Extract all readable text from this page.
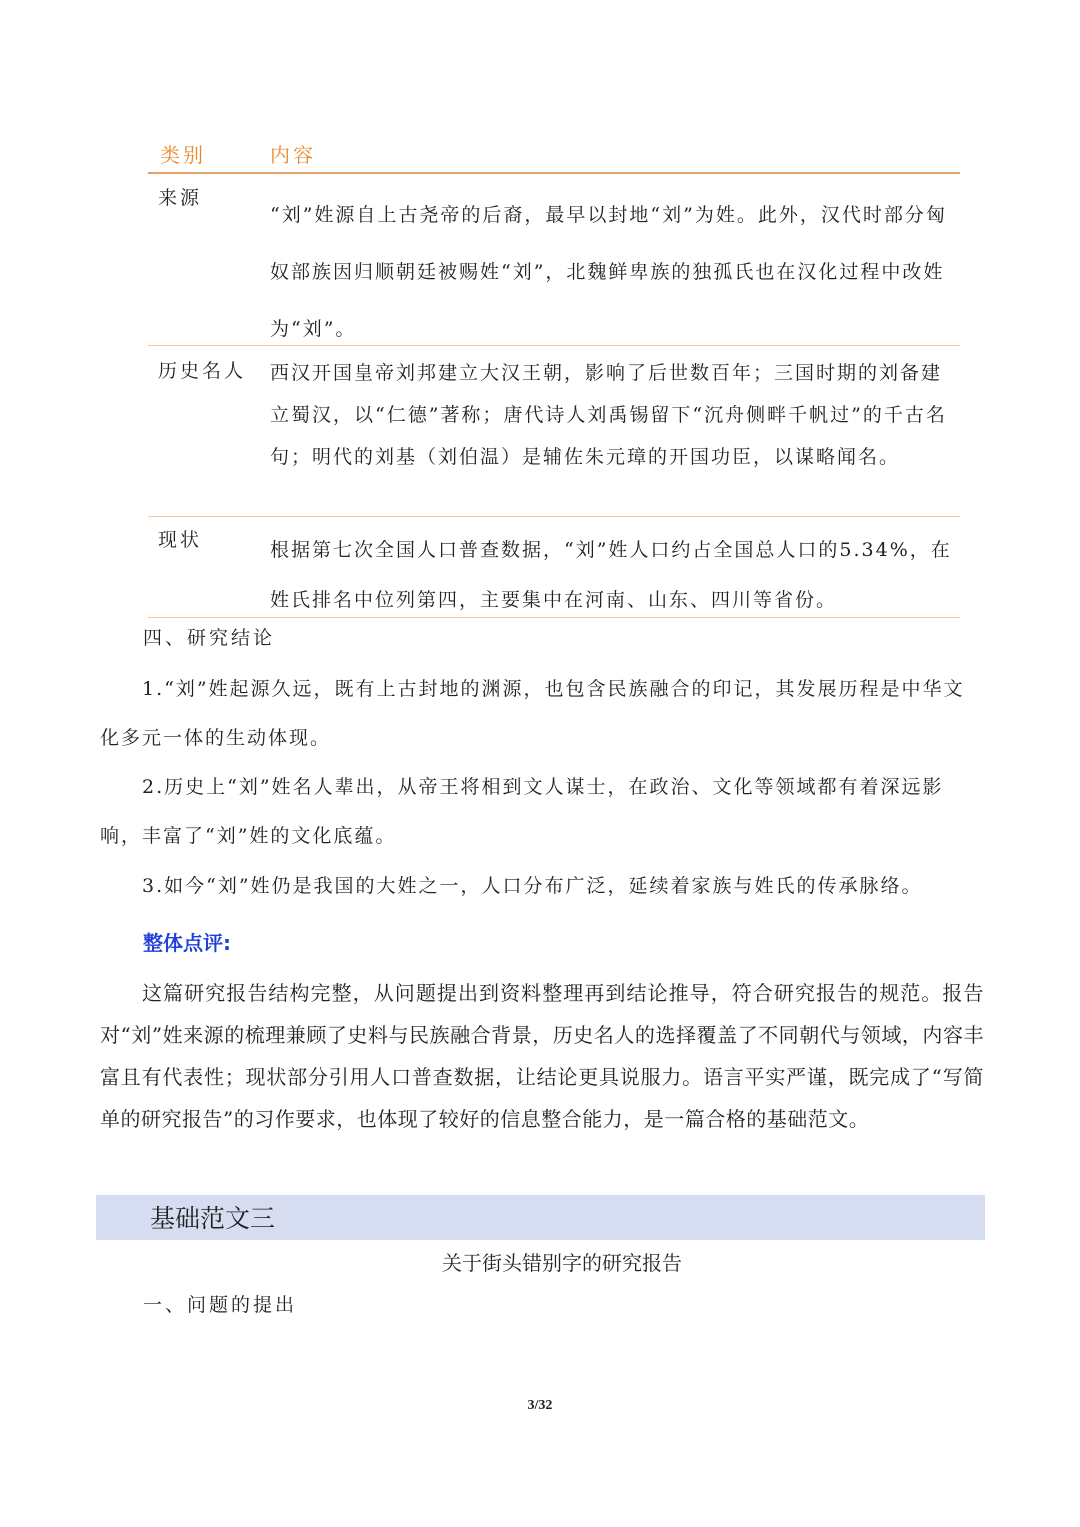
类别	内容
来源
“刘”姓源自上古尧帝的后裔，最早以封地“刘”为姓。此外，汉代时部分匈奴部族因归顺朝廷被赐姓“刘”，北魏鲜卑族的独孤氏也在汉化过程中改姓为“刘”。
历史名人 西汉开国皇帝刘邦建立大汉王朝，影响了后世数百年；三国时期的刘备建立蜀汉，以“仁德”著称；唐代诗人刘禹锡留下“沉舟侧畔千帆过”的千古名句；明代的刘基（刘伯温）是辅佐朱元璋的开国功臣，以谋略闻名。
现状	根据第七次全国人口普查数据，“刘”姓人口约占全国总人口的5.34%，在姓氏排名中位列第四，主要集中在河南、山东、四川等省份。
四、研究结论
1.“刘”姓起源久远，既有上古封地的渊源，也包含民族融合的印记，其发展历程是中华文化多元一体的生动体现。
2.历史上“刘”姓名人辈出，从帝王将相到文人谋士，在政治、文化等领域都有着深远影响，丰富了“刘”姓的文化底蕴。
3.如今“刘”姓仍是我国的大姓之一，人口分布广泛，延续着家族与姓氏的传承脉络。
整体点评:
这篇研究报告结构完整，从问题提出到资料整理再到结论推导，符合研究报告的规范。报告对“刘”姓来源的梳理兼顾了史料与民族融合背景，历史名人的选择覆盖了不同朝代与领域，内容丰富且有代表性；现状部分引用人口普查数据，让结论更具说服力。语言平实严谨，既完成了“写简单的研究报告”的习作要求，也体现了较好的信息整合能力，是一篇合格的基础范文。
基础范文三
关于街头错别字的研究报告
一、问题的提出
3/32
